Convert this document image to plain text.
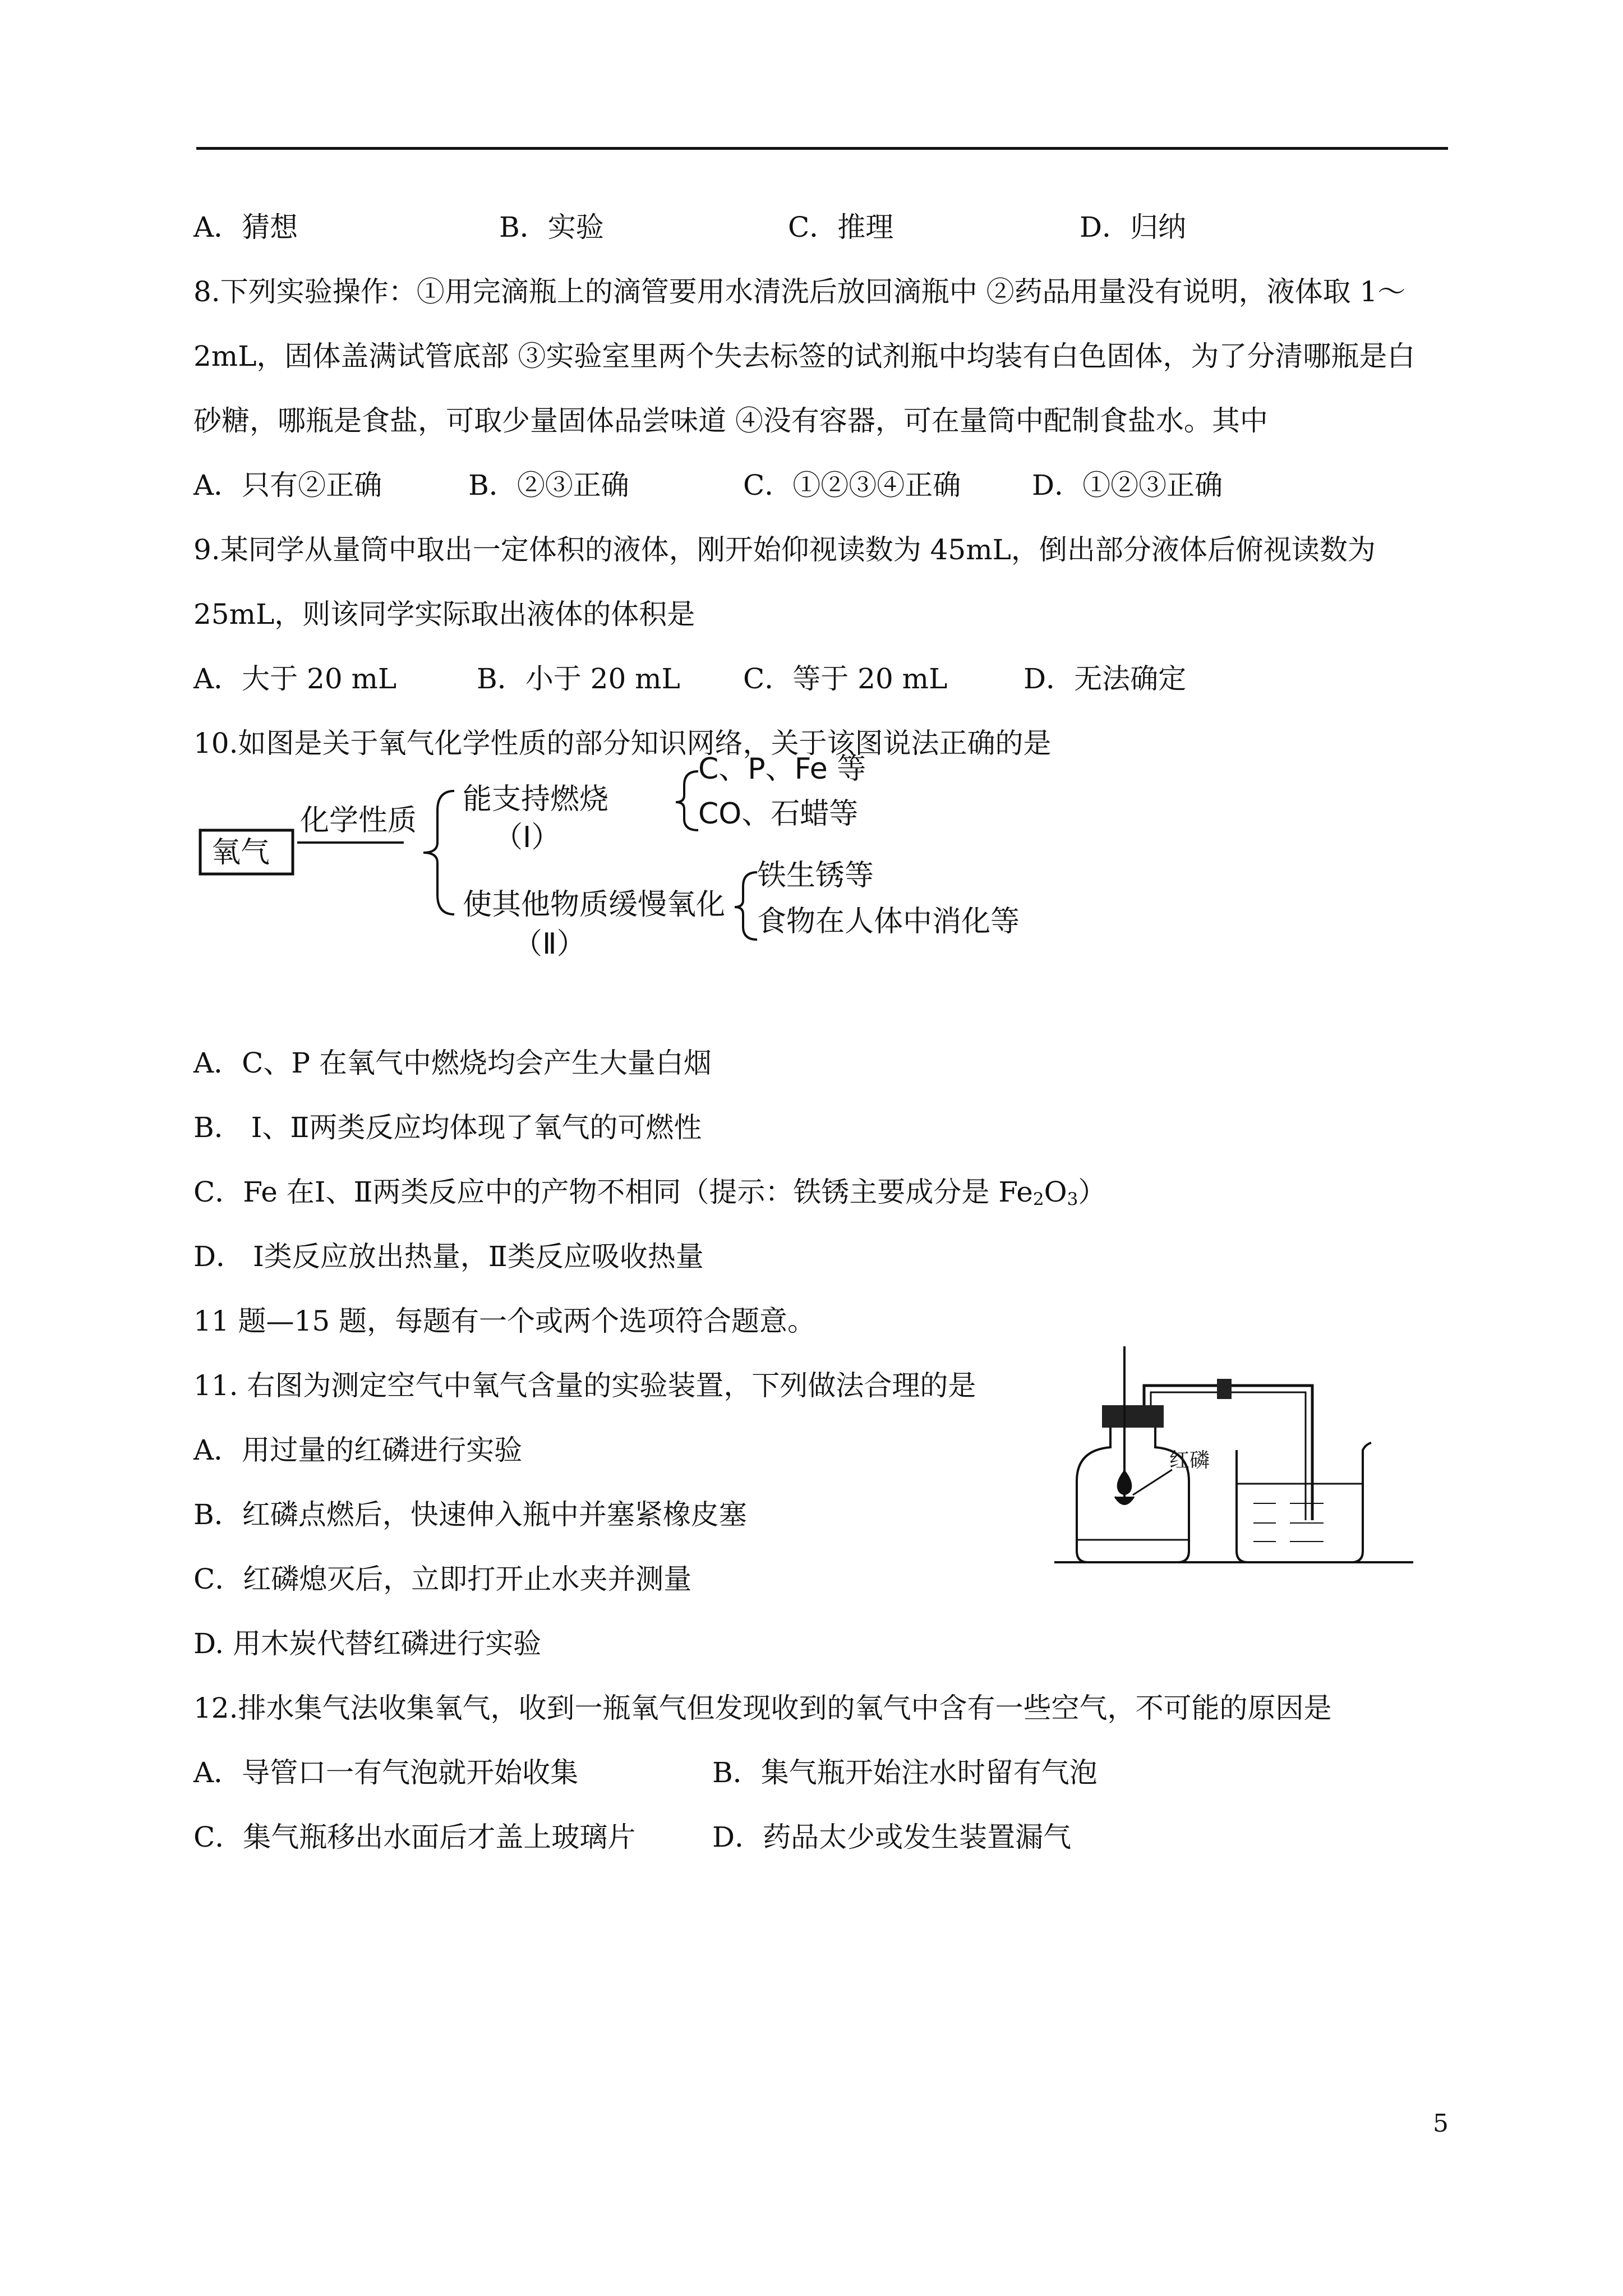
A．猜想	B．实验	C．推理	D．归纳
8.下列实验操作：①用完滴瓶上的滴管要用水清洗后放回滴瓶中 ②药品用量没有说明，液体取 1～
2mL，固体盖满试管底部 ③实验室里两个失去标签的试剂瓶中均装有白色固体，为了分清哪瓶是白
砂糖，哪瓶是食盐，可取少量固体品尝味道 ④没有容器，可在量筒中配制食盐水。其中
A．只有②正确	B．②③正确	C．①②③④正确	D．①②③正确
9.某同学从量筒中取出一定体积的液体，刚开始仰视读数为 45mL，倒出部分液体后俯视读数为
25mL，则该同学实际取出液体的体积是
A．大于 20 mL	B．小于 20 mL C．等于 20 mL	D．无法确定
10.如图是关于氧气化学性质的部分知识网络，关于该图说法正确的是
氧气
化学性质
能支持燃烧
（Ⅰ）
C、P、Fe 等
CO、石蜡等
使其他物质缓慢氧化
（Ⅱ）
铁生锈等
食物在人体中消化等
A．C、P 在氧气中燃烧均会产生大量白烟
B． Ⅰ、Ⅱ两类反应均体现了氧气的可燃性
C．Fe 在Ⅰ、Ⅱ两类反应中的产物不相同（提示：铁锈主要成分是 $Fe_2O_3$）
D． Ⅰ类反应放出热量，Ⅱ类反应吸收热量
11 题—15 题，每题有一个或两个选项符合题意。
11. 右图为测定空气中氧气含量的实验装置，下列做法合理的是
A．用过量的红磷进行实验
B．红磷点燃后，快速伸入瓶中并塞紧橡皮塞
C．红磷熄灭后，立即打开止水夹并测量
D. 用木炭代替红磷进行实验
红磷
12.排水集气法收集氧气，收到一瓶氧气但发现收到的氧气中含有一些空气，不可能的原因是
A．导管口一有气泡就开始收集	B．集气瓶开始注水时留有气泡
C．集气瓶移出水面后才盖上玻璃片	D．药品太少或发生装置漏气
5
